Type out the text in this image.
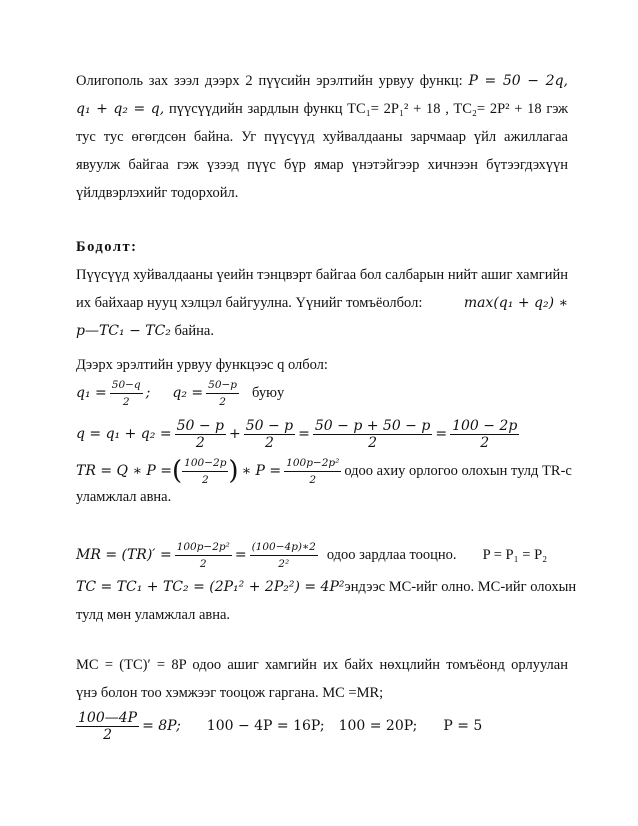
Олигополь зах зээл дээрх 2 пүүсийн эрэлтийн урвуу функц: P = 50 − 2q,
q₁ + q₂ = q, пүүсүүдийн зардлын функц TC₁= 2P₁² + 18 , TC₂= 2P² + 18 гэж
тус тус өгөгдсөн байна. Уг пүүсүүд хуйвалдааны зарчмаар үйл ажиллагаа
явуулж байгаа гэж үзээд пүүс бүр ямар үнэтэйгээр хичнээн бүтээгдэхүүн
үйлдвэрлэхийг тодорхойл.
Бодолт:
Пүүсүүд хуйвалдааны үеийн тэнцвэрт байгаа бол салбарын нийт ашиг хамгийн
их байхаар нууц хэлцэл байгуулна. Үүнийг томъёолбол:	max(q₁ + q₂) ∗
p—TC₁ − TC₂ байна.
Дээрх эрэлтийн урвуу функцээс q олбол:
$q_1 = \frac{50-q}{2}$ ; $q_2 = \frac{50-p}{2}$ буюу
$q = q_1 + q_2 = \frac{50 - p}{2} + \frac{50 - p}{2} = \frac{50 - p + 50 - p}{2} = \frac{100 - 2p}{2}$
TR = Q ∗ P = ( $\frac{100-2p}{2}$ ) ∗ $P = \frac{\text{100p−2p²}}{2}$ одоо ахиу орлогоо олохын тулд TR-с
уламжлал авна.
MR = $(TR)' = \frac{\text{100p−2p²}}{2} = \frac{(100-4p)∗2}{\text{2²}}$ одоо зардлаа тооцно. P = P₁ = P₂
TC = TC₁ + TC₂ = (2P₁² + 2P₂²) = 4P² эндээс MC-ийг олно. MC-ийг олохын
тулд мөн уламжлал авна.
MC = (TC)′ = 8P одоо ашиг хамгийн их байх нөхцлийн томъёонд орлуулан
үнэ болон тоо хэмжээг тооцож гаргана. MC =MR;
$\frac{100—4P}{2} = 8P$; 100 − 4P = 16P; 100 = 20P; P = 5
